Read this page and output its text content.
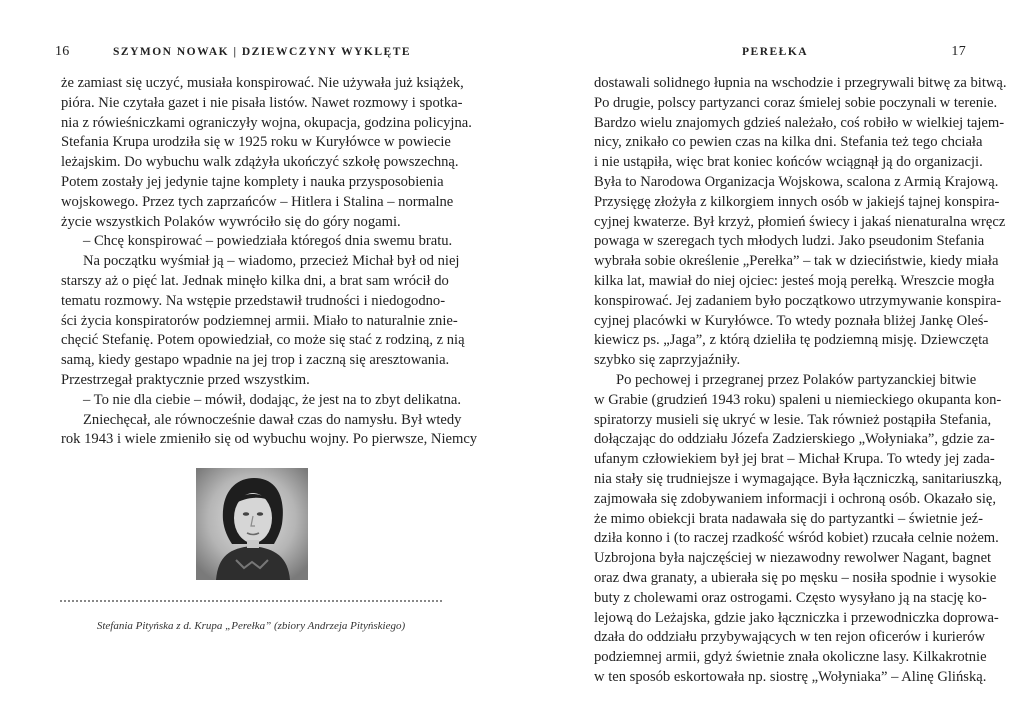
16	SZYMON NOWAK | DZIEWCZYNY WYKLĘTE
że zamiast się uczyć, musiała konspirować. Nie używała już książek,
pióra. Nie czytała gazet i nie pisała listów. Nawet rozmowy i spotka-
nia z rówieśniczkami ograniczyły wojna, okupacja, godzina policyjna.
Stefania Krupa urodziła się w 1925 roku w Kuryłówce w powiecie
leżajskim. Do wybuchu walk zdążyła ukończyć szkołę powszechną.
Potem zostały jej jedynie tajne komplety i nauka przysposobienia
wojskowego. Przez tych zaprzańców – Hitlera i Stalina – normalne
życie wszystkich Polaków wywróciło się do góry nogami.
– Chcę konspirować – powiedziała któregoś dnia swemu bratu.
Na początku wyśmiał ją – wiadomo, przecież Michał był od niej
starszy aż o pięć lat. Jednak minęło kilka dni, a brat sam wrócił do
tematu rozmowy. Na wstępie przedstawił trudności i niedogodno-
ści życia konspiratorów podziemnej armii. Miało to naturalnie znie-
chęcić Stefanię. Potem opowiedział, co może się stać z rodziną, z nią
samą, kiedy gestapo wpadnie na jej trop i zaczną się aresztowania.
Przestrzegał praktycznie przed wszystkim.
– To nie dla ciebie – mówił, dodając, że jest na to zbyt delikatna.
Zniechęcał, ale równocześnie dawał czas do namysłu. Był wtedy
rok 1943 i wiele zmieniło się od wybuchu wojny. Po pierwsze, Niemcy
Stefania Pityńska z d. Krupa „Perełka” (zbiory Andrzeja Pityńskiego)
PEREŁKA	17
dostawali solidnego łupnia na wschodzie i przegrywali bitwę za bitwą.
Po drugie, polscy partyzanci coraz śmielej sobie poczynali w terenie.
Bardzo wielu znajomych gdzieś należało, coś robiło w wielkiej tajem-
nicy, znikało co pewien czas na kilka dni. Stefania też tego chciała
i nie ustąpiła, więc brat koniec końców wciągnął ją do organizacji.
Była to Narodowa Organizacja Wojskowa, scalona z Armią Krajową.
Przysięgę złożyła z kilkorgiem innych osób w jakiejś tajnej konspira-
cyjnej kwaterze. Był krzyż, płomień świecy i jakaś nienaturalna wręcz
powaga w szeregach tych młodych ludzi. Jako pseudonim Stefania
wybrała sobie określenie „Perełka” – tak w dzieciństwie, kiedy miała
kilka lat, mawiał do niej ojciec: jesteś moją perełką. Wreszcie mogła
konspirować. Jej zadaniem było początkowo utrzymywanie konspira-
cyjnej placówki w Kuryłówce. To wtedy poznała bliżej Jankę Oleś-
kiewicz ps. „Jaga”, z którą dzieliła tę podziemną misję. Dziewczęta
szybko się zaprzyjaźniły.
Po pechowej i przegranej przez Polaków partyzanckiej bitwie
w Grabie (grudzień 1943 roku) spaleni u niemieckiego okupanta kon-
spiratorzy musieli się ukryć w lesie. Tak również postąpiła Stefania,
dołączając do oddziału Józefa Zadzierskiego „Wołyniaka”, gdzie za-
ufanym człowiekiem był jej brat – Michał Krupa. To wtedy jej zada-
nia stały się trudniejsze i wymagające. Była łączniczką, sanitariuszką,
zajmowała się zdobywaniem informacji i ochroną osób. Okazało się,
że mimo obiekcji brata nadawała się do partyzantki – świetnie jeź-
dziła konno i (to raczej rzadkość wśród kobiet) rzucała celnie nożem.
Uzbrojona była najczęściej w niezawodny rewolwer Nagant, bagnet
oraz dwa granaty, a ubierała się po męsku – nosiła spodnie i wysokie
buty z cholewami oraz ostrogami. Często wysyłano ją na stację ko-
lejową do Leżajska, gdzie jako łączniczka i przewodniczka doprowa-
dzała do oddziału przybywających w ten rejon oficerów i kurierów
podziemnej armii, gdyż świetnie znała okoliczne lasy. Kilkakrotnie
w ten sposób eskortowała np. siostrę „Wołyniaka” – Alinę Glińską.
